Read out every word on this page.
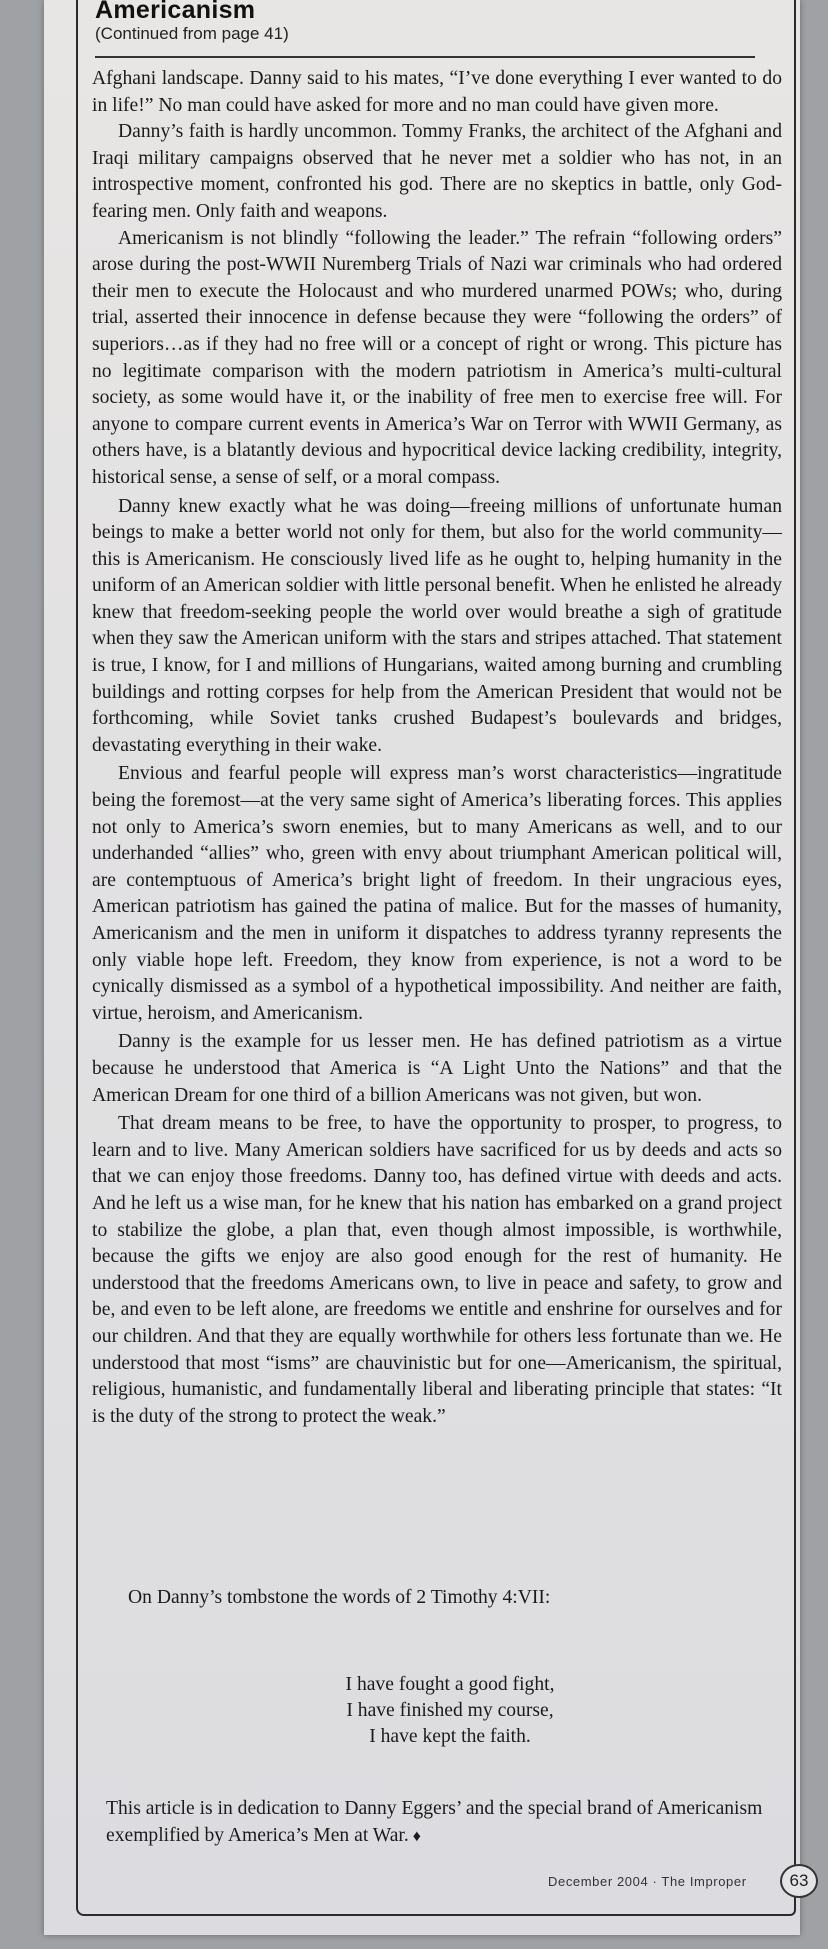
Americanism
(Continued from page 41)

Afghani landscape. Danny said to his mates, “I’ve done everything I ever wanted to do in life!” No man could have asked for more and no man could have given more.

Danny’s faith is hardly uncommon. Tommy Franks, the architect of the Afghani and Iraqi military campaigns observed that he never met a soldier who has not, in an introspective moment, confronted his god. There are no skeptics in battle, only God-fearing men. Only faith and weapons.

Americanism is not blindly “following the leader.” The refrain “following orders” arose during the post-WWII Nuremberg Trials of Nazi war criminals who had ordered their men to execute the Holocaust and who murdered unarmed POWs; who, during trial, asserted their innocence in defense because they were “following the orders” of superiors…as if they had no free will or a concept of right or wrong. This picture has no legitimate comparison with the modern patriotism in America’s multi-cultural society, as some would have it, or the inability of free men to exercise free will. For anyone to compare current events in America’s War on Terror with WWII Germany, as others have, is a blatantly devious and hypocritical device lacking credibility, integrity, historical sense, a sense of self, or a moral compass.

Danny knew exactly what he was doing—freeing millions of unfortunate human beings to make a better world not only for them, but also for the world community—this is Americanism. He consciously lived life as he ought to, helping humanity in the uniform of an American soldier with little personal benefit. When he enlisted he already knew that freedom-seeking people the world over would breathe a sigh of gratitude when they saw the American uniform with the stars and stripes attached. That statement is true, I know, for I and millions of Hungarians, waited among burning and crumbling buildings and rotting corpses for help from the American President that would not be forthcoming, while Soviet tanks crushed Budapest’s boulevards and bridges, devastating everything in their wake.

Envious and fearful people will express man’s worst characteristics—ingratitude being the foremost—at the very same sight of America’s liberating forces. This applies not only to America’s sworn enemies, but to many Americans as well, and to our underhanded “allies” who, green with envy about triumphant American political will, are contemptuous of America’s bright light of freedom. In their ungracious eyes, American patriotism has gained the patina of malice. But for the masses of humanity, Americanism and the men in uniform it dispatches to address tyranny represents the only viable hope left. Freedom, they know from experience, is not a word to be cynically dismissed as a symbol of a hypothetical impossibility. And neither are faith, virtue, heroism, and Americanism.

Danny is the example for us lesser men. He has defined patriotism as a virtue because he understood that America is “A Light Unto the Nations” and that the American Dream for one third of a billion Americans was not given, but won.

That dream means to be free, to have the opportunity to prosper, to progress, to learn and to live. Many American soldiers have sacrificed for us by deeds and acts so that we can enjoy those freedoms. Danny too, has defined virtue with deeds and acts. And he left us a wise man, for he knew that his nation has embarked on a grand project to stabilize the globe, a plan that, even though almost impossible, is worthwhile, because the gifts we enjoy are also good enough for the rest of humanity. He understood that the freedoms Americans own, to live in peace and safety, to grow and be, and even to be left alone, are freedoms we entitle and enshrine for ourselves and for our children. And that they are equally worthwhile for others less fortunate than we. He understood that most “isms” are chauvinistic but for one—Americanism, the spiritual, religious, humanistic, and fundamentally liberal and liberating principle that states: “It is the duty of the strong to protect the weak.”

On Danny’s tombstone the words of 2 Timothy 4:VII:
I have fought a good fight,
I have finished my course,
I have kept the faith.
This article is in dedication to Danny Eggers’ and the special brand of Americanism exemplified by America’s Men at War. ♦
December 2004 · The Improper	63
